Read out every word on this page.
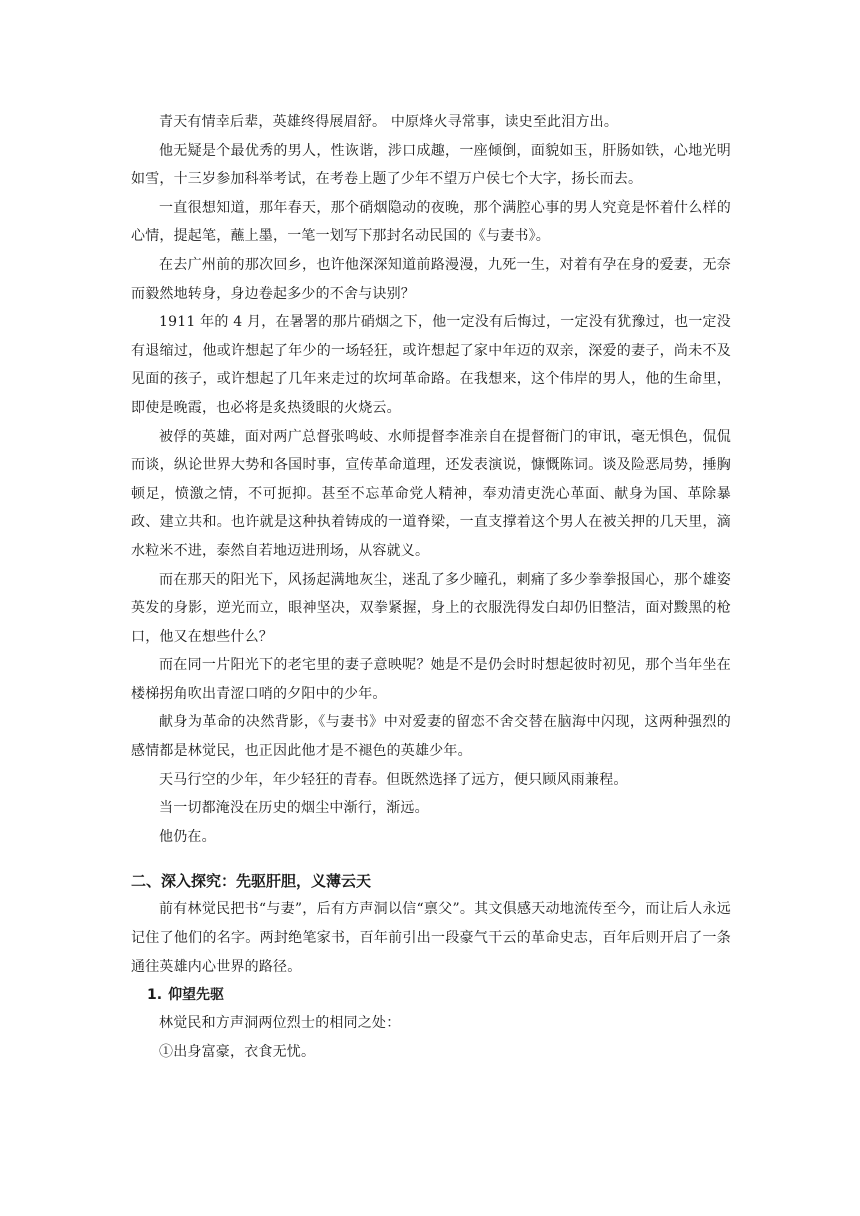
青天有情幸后辈，英雄终得展眉舒。 中原烽火寻常事，读史至此泪方出。

他无疑是个最优秀的男人，性诙谐，涉口成趣，一座倾倒，面貌如玉，肝肠如铁，心地光明如雪，十三岁参加科举考试，在考卷上题了少年不望万户侯七个大字，扬长而去。

一直很想知道，那年春天，那个硝烟隐动的夜晚，那个满腔心事的男人究竟是怀着什么样的心情，提起笔，蘸上墨，一笔一划写下那封名动民国的《与妻书》。

在去广州前的那次回乡，也许他深深知道前路漫漫，九死一生，对着有孕在身的爱妻，无奈而毅然地转身，身边卷起多少的不舍与诀别？

1911 年的 4 月，在暑署的那片硝烟之下，他一定没有后悔过，一定没有犹豫过，也一定没有退缩过，他或许想起了年少的一场轻狂，或许想起了家中年迈的双亲，深爱的妻子，尚未不及见面的孩子，或许想起了几年来走过的坎坷革命路。在我想来，这个伟岸的男人，他的生命里，即使是晚霞，也必将是炙热烫眼的火烧云。

被俘的英雄，面对两广总督张鸣岐、水师提督李准亲自在提督衙门的审讯，毫无惧色，侃侃而谈，纵论世界大势和各国时事，宣传革命道理，还发表演说，慷慨陈词。谈及险恶局势，捶胸顿足，愤激之情，不可扼抑。甚至不忘革命党人精神，奉劝清吏洗心革面、献身为国、革除暴政、建立共和。也许就是这种执着铸成的一道脊梁，一直支撑着这个男人在被关押的几天里，滴水粒米不进，泰然自若地迈进刑场，从容就义。

而在那天的阳光下，风扬起满地灰尘，迷乱了多少瞳孔，刺痛了多少拳拳报国心，那个雄姿英发的身影，逆光而立，眼神坚决，双拳紧握，身上的衣服洗得发白却仍旧整洁，面对黢黑的枪口，他又在想些什么？

而在同一片阳光下的老宅里的妻子意映呢？她是不是仍会时时想起彼时初见，那个当年坐在楼梯拐角吹出青涩口哨的夕阳中的少年。

献身为革命的决然背影，《与妻书》中对爱妻的留恋不舍交替在脑海中闪现，这两种强烈的感情都是林觉民，也正因此他才是不褪色的英雄少年。

天马行空的少年，年少轻狂的青春。但既然选择了远方，便只顾风雨兼程。

当一切都淹没在历史的烟尘中渐行，渐远。

他仍在。

二、深入探究：先驱肝胆，义薄云天

前有林觉民把书“与妻”，后有方声洞以信“禀父”。其文俱感天动地流传至今，而让后人永远记住了他们的名字。两封绝笔家书，百年前引出一段豪气干云的革命史志，百年后则开启了一条通往英雄内心世界的路径。

1. 仰望先驱

林觉民和方声洞两位烈士的相同之处：

①出身富豪，衣食无忧。
